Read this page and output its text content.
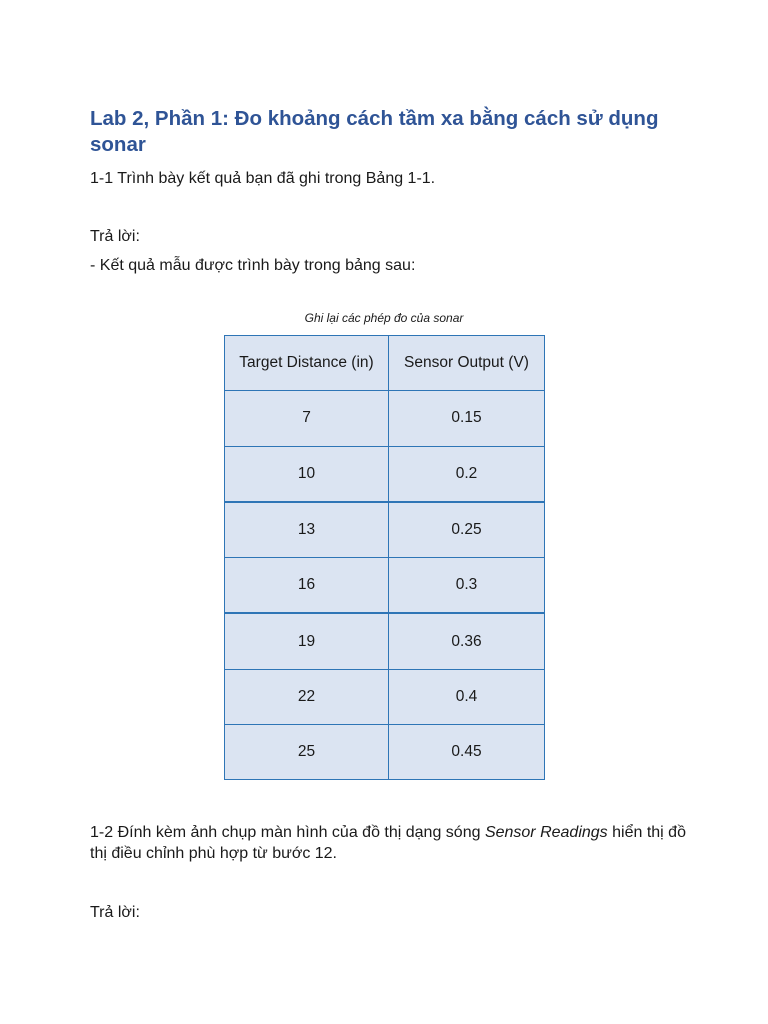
Lab 2, Phần 1: Đo khoảng cách tầm xa bằng cách sử dụng sonar

1-1 Trình bày kết quả bạn đã ghi trong Bảng 1-1.

Trả lời:

- Kết quả mẫu được trình bày trong bảng sau:

Ghi lại các phép đo của sonar
Target Distance (in)	Sensor Output (V)
7	0.15
10	0.2
13	0.25
16	0.3
19	0.36
22	0.4
25	0.45

1-2 Đính kèm ảnh chụp màn hình của đồ thị dạng sóng Sensor Readings hiển thị đồ thị điều chỉnh phù hợp từ bước 12.

Trả lời:
